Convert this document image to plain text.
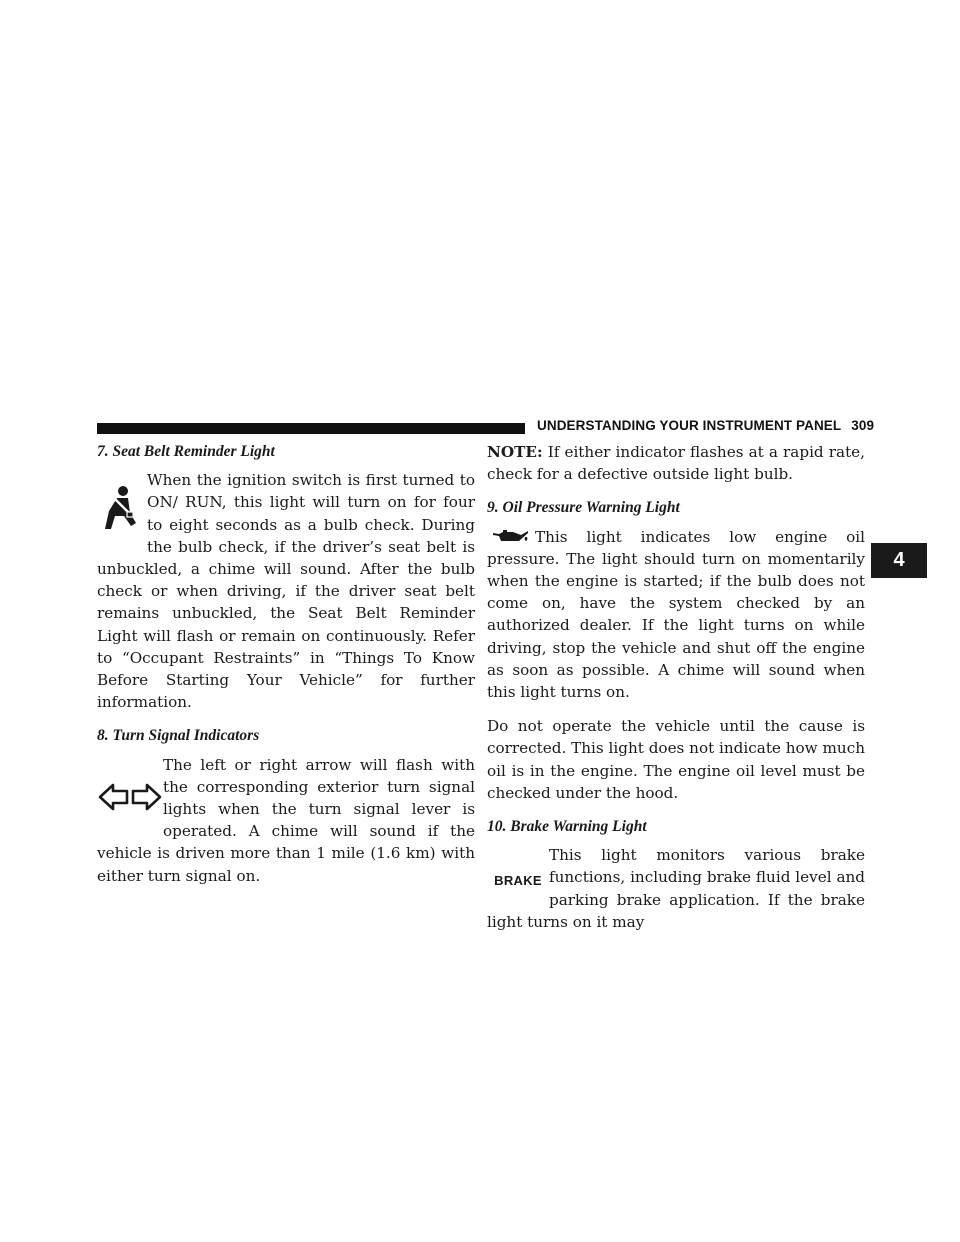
UNDERSTANDING YOUR INSTRUMENT PANEL 309
4

7. Seat Belt Reminder Light

When the ignition switch is first turned to ON/ RUN, this light will turn on for four to eight seconds as a bulb check. During the bulb check, if the driver’s seat belt is unbuckled, a chime will sound. After the bulb check or when driving, if the driver seat belt remains unbuckled, the Seat Belt Reminder Light will flash or remain on continuously. Refer to “Occupant Restraints” in “Things To Know Before Starting Your Vehicle” for further information.

8. Turn Signal Indicators

The left or right arrow will flash with the corresponding exterior turn signal lights when the turn signal lever is operated. A chime will sound if the vehicle is driven more than 1 mile (1.6 km) with either turn signal on.

NOTE: If either indicator flashes at a rapid rate, check for a defective outside light bulb.

9. Oil Pressure Warning Light

This light indicates low engine oil pressure. The light should turn on momentarily when the engine is started; if the bulb does not come on, have the system checked by an authorized dealer. If the light turns on while driving, stop the vehicle and shut off the engine as soon as possible. A chime will sound when this light turns on.

Do not operate the vehicle until the cause is corrected. This light does not indicate how much oil is in the engine. The engine oil level must be checked under the hood.

10. Brake Warning Light

BRAKE

This light monitors various brake functions, including brake fluid level and parking brake application. If the brake light turns on it may
